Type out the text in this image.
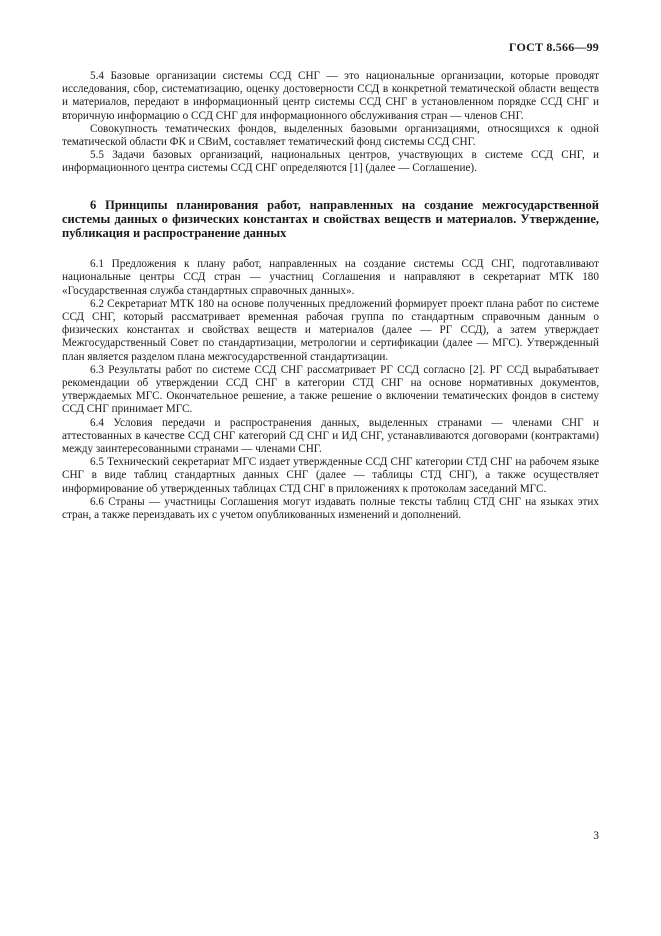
ГОСТ 8.566—99

5.4 Базовые организации системы ССД СНГ — это национальные организации, которые проводят исследования, сбор, систематизацию, оценку достоверности ССД в конкретной тематической области веществ и материалов, передают в информационный центр системы ССД СНГ в установленном порядке ССД СНГ и вторичную информацию о ССД СНГ для информационного обслуживания стран — членов СНГ.

Совокупность тематических фондов, выделенных базовыми организациями, относящихся к одной тематической области ФК и СВиМ, составляет тематический фонд системы ССД СНГ.

5.5 Задачи базовых организаций, национальных центров, участвующих в системе ССД СНГ, и информационного центра системы ССД СНГ определяются [1] (далее — Соглашение).

6 Принципы планирования работ, направленных на создание межгосударственной системы данных о физических константах и свойствах веществ и материалов. Утверждение, публикация и распространение данных

6.1 Предложения к плану работ, направленных на создание системы ССД СНГ, подготавливают национальные центры ССД стран — участниц Соглашения и направляют в секретариат МТК 180 «Государственная служба стандартных справочных данных».

6.2 Секретариат МТК 180 на основе полученных предложений формирует проект плана работ по системе ССД СНГ, который рассматривает временная рабочая группа по стандартным справочным данным о физических константах и свойствах веществ и материалов (далее — РГ ССД), а затем утверждает Межгосударственный Совет по стандартизации, метрологии и сертификации (далее — МГС). Утвержденный план является разделом плана межгосударственной стандартизации.

6.3 Результаты работ по системе ССД СНГ рассматривает РГ ССД согласно [2]. РГ ССД вырабатывает рекомендации об утверждении ССД СНГ в категории СТД СНГ на основе нормативных документов, утверждаемых МГС. Окончательное решение, а также решение о включении тематических фондов в систему ССД СНГ принимает МГС.

6.4 Условия передачи и распространения данных, выделенных странами — членами СНГ и аттестованных в качестве ССД СНГ категорий СД СНГ и ИД СНГ, устанавливаются договорами (контрактами) между заинтересованными странами — членами СНГ.

6.5 Технический секретариат МГС издает утвержденные ССД СНГ категории СТД СНГ на рабочем языке СНГ в виде таблиц стандартных данных СНГ (далее — таблицы СТД СНГ), а также осуществляет информирование об утвержденных таблицах СТД СНГ в приложениях к протоколам заседаний МГС.

6.6 Страны — участницы Соглашения могут издавать полные тексты таблиц СТД СНГ на языках этих стран, а также переиздавать их с учетом опубликованных изменений и дополнений.

3
